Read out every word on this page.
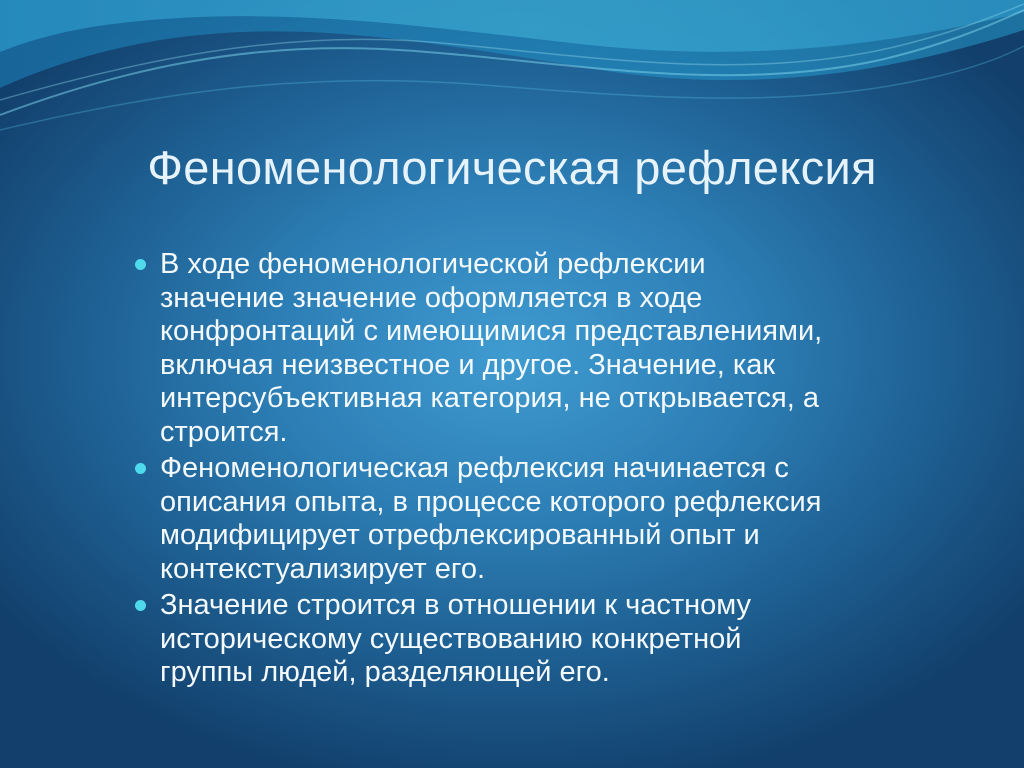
Феноменологическая рефлексия
В ходе феноменологической рефлексии
значение значение оформляется в ходе
конфронтаций с имеющимися представлениями,
включая неизвестное и другое. Значение, как
интерсубъективная категория, не открывается, а
строится.
Феноменологическая рефлексия начинается с
описания опыта, в процессе которого рефлексия
модифицирует отрефлексированный опыт и
контекстуализирует его.
Значение строится в отношении к частному
историческому существованию конкретной
группы людей, разделяющей его.
